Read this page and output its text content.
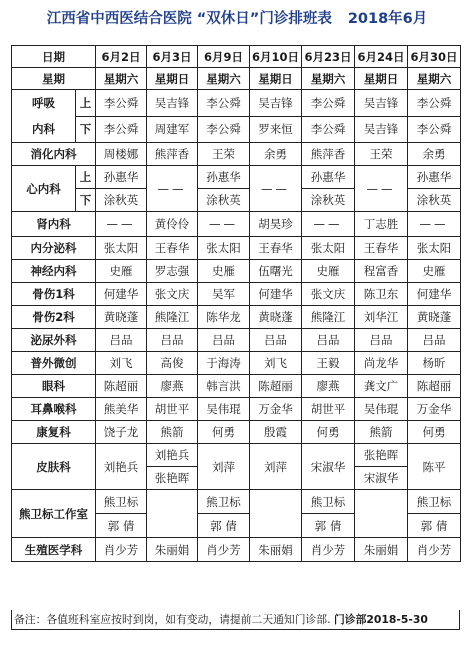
江西省中西医结合医院 “双休日”门诊排班表 2018年6月
日期		6月2日	6月3日	6月9日	6月10日	6月23日	6月24日	6月30日
星期		星期六	星期日	星期六	星期日	星期六	星期日	星期六
呼吸
内科	上	李公舜	吴吉锋	李公舜	吴吉锋	李公舜	吴吉锋	李公舜
	下	李公舜	周建军	李公舜	罗来恒	李公舜	吴吉锋	李公舜
消化内科		周楼娜	熊萍香	王荣	余勇	熊萍香	王荣	余勇
心内科	上	孙惠华	——	孙惠华	——	孙惠华	——	孙惠华
	下	涂秋英		涂秋英		涂秋英		涂秋英
肾内科		——	黄伶伶	——	胡昊珍	——	丁志胜	——
内分泌科		张太阳	王春华	张太阳	王春华	张太阳	王春华	张太阳
神经内科		史雁	罗志强	史雁	伍曙光	史雁	程富香	史雁
骨伤1科		何建华	张文庆	吴军	何建华	张文庆	陈卫东	何建华
骨伤2科		黄晓蓬	熊隆江	陈华龙	黄晓蓬	熊隆江	刘华江	黄晓蓬
泌尿外科		吕品	吕品	吕品	吕品	吕品	吕品	吕品
普外微创		刘飞	高俊	于海涛	刘飞	王毅	尚龙华	杨昕
眼科		陈超丽	廖燕	韩言洪	陈超丽	廖燕	龚文广	陈超丽
耳鼻喉科		熊美华	胡世平	吴伟琨	万金华	胡世平	吴伟琨	万金华
康复科		饶子龙	熊箭	何勇	殷霞	何勇	熊箭	何勇
皮肤科		刘艳兵	刘艳兵	刘萍	刘萍	宋淑华	张艳晖	陈平
			张艳晖				宋淑华	
熊卫标工作室		熊卫标		熊卫标		熊卫标		熊卫标
		郭 倩		郭 倩		郭 倩		郭 倩
生殖医学科		肖少芳	朱丽娟	肖少芳	朱丽娟	肖少芳	朱丽娟	肖少芳
备注：各值班科室应按时到岗，如有变动，请提前二天通知门诊部. 门诊部2018-5-30
